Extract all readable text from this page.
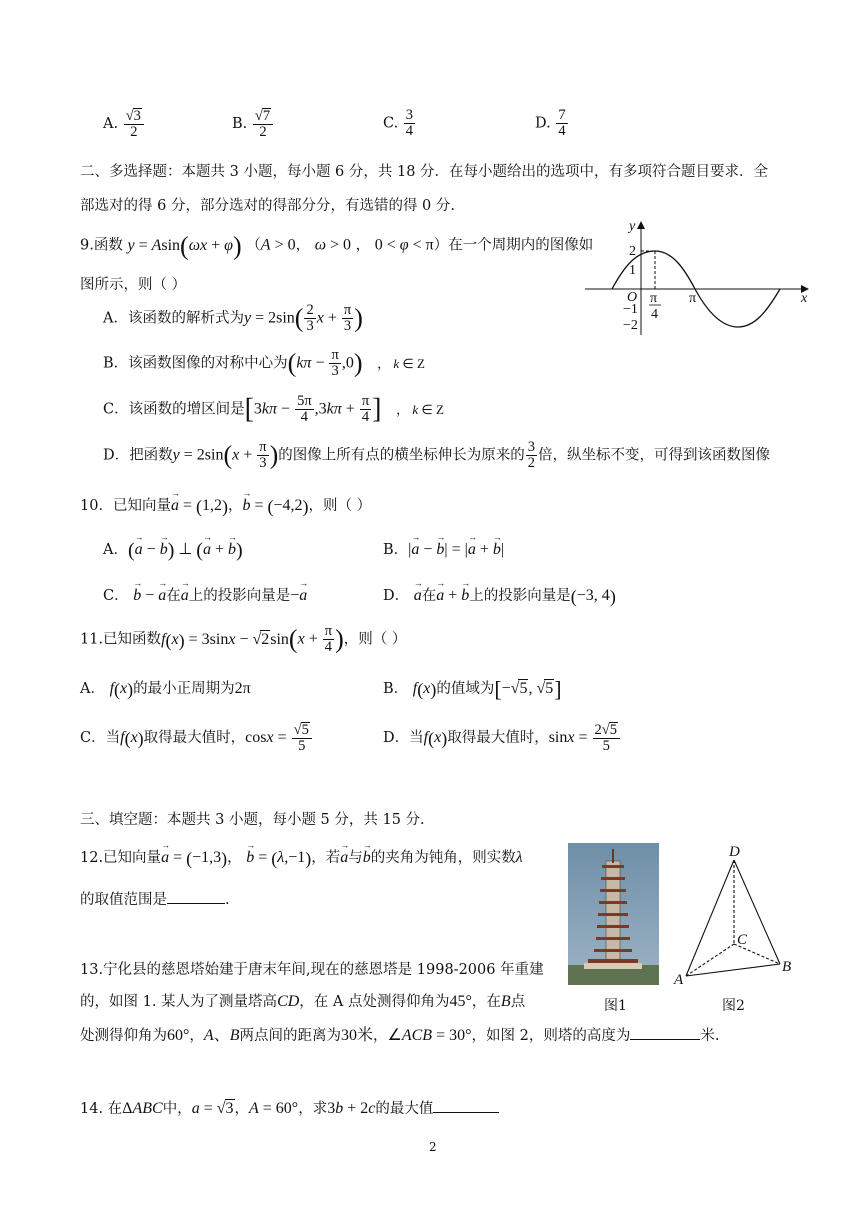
A. $\frac{√3}{2}$	B. $\frac{√7}{2}$	C. $\frac{3}{4}$	D. $\frac{7}{4}$
二、多选择题：本题共 3 小题，每小题 6 分，共 18 分．在每小题给出的选项中，有多项符合题目要求．全
部选对的得 6 分，部分选对的得部分分，有选错的得 0 分.
9.函数 y = Asin(ωx + φ) （A > 0， ω > 0 ， 0 < φ < π）在一个周期内的图像如
图所示，则（ ）
A．该函数的解析式为$y = 2\sin( \frac{2}{3}$ $x + \frac{\pi}{3}$ )
B．该函数图像的对称中心为$(k\pi - \frac{\pi}{3} ,0)$ ， k ∈ Z
C．该函数的增区间是[$3k\pi - \frac{5\pi}{4} ,3k\pi + \frac{\pi}{4}$ ] ， k ∈ Z
D．把函数$y = 2\sin(x + \frac{\pi}{3}$ )的图像上所有点的横坐标伸长为原来的 $\frac{3}{2}$ 倍，纵坐标不变，可得到该函数图像
y
x
O
2
1
−1
−2
π
4
π
10．已知向量→ a = (1,2)，→ b = (−4,2)，则（ ）
A．(→ a − → b) ⊥ (→ a + → b)	B．|→ a − → b| = |→ a + → b|
C． → b − → a在→ a上的投影向量是−→ a	D． → a在→ a + → b上的投影向量是(−3, 4)
11.已知函数$f(x) = 3\sin x - √2\sin(x + \frac{\pi}{4}$ )，则（ ）
A． f(x)的最小正周期为2π	B． f(x)的值域为[−√5, √5]
C．当f(x)取得最大值时，$\cos x = \frac{√5}{5}$	D．当f(x)取得最大值时，$\sin x = \frac{2√5}{5}$
三、填空题：本题共 3 小题，每小题 5 分，共 15 分.
12.已知向量→ a = (−1,3)， → b = (λ,−1)，若→ a与→ b的夹角为钝角，则实数λ
的取值范围是	.
图1
D
C
A
B
图2
13.宁化县的慈恩塔始建于唐末年间,现在的慈恩塔是 1998-2006 年重建
的，如图 1. 某人为了测量塔高CD，在 A 点处测得仰角为45°，在B点
处测得仰角为60°，A、B两点间的距离为30米，∠ACB = 30°，如图 2，则塔的高度为	米.
14. 在ΔABC中，a = √3，A = 60°，求3b + 2c的最大值
2
